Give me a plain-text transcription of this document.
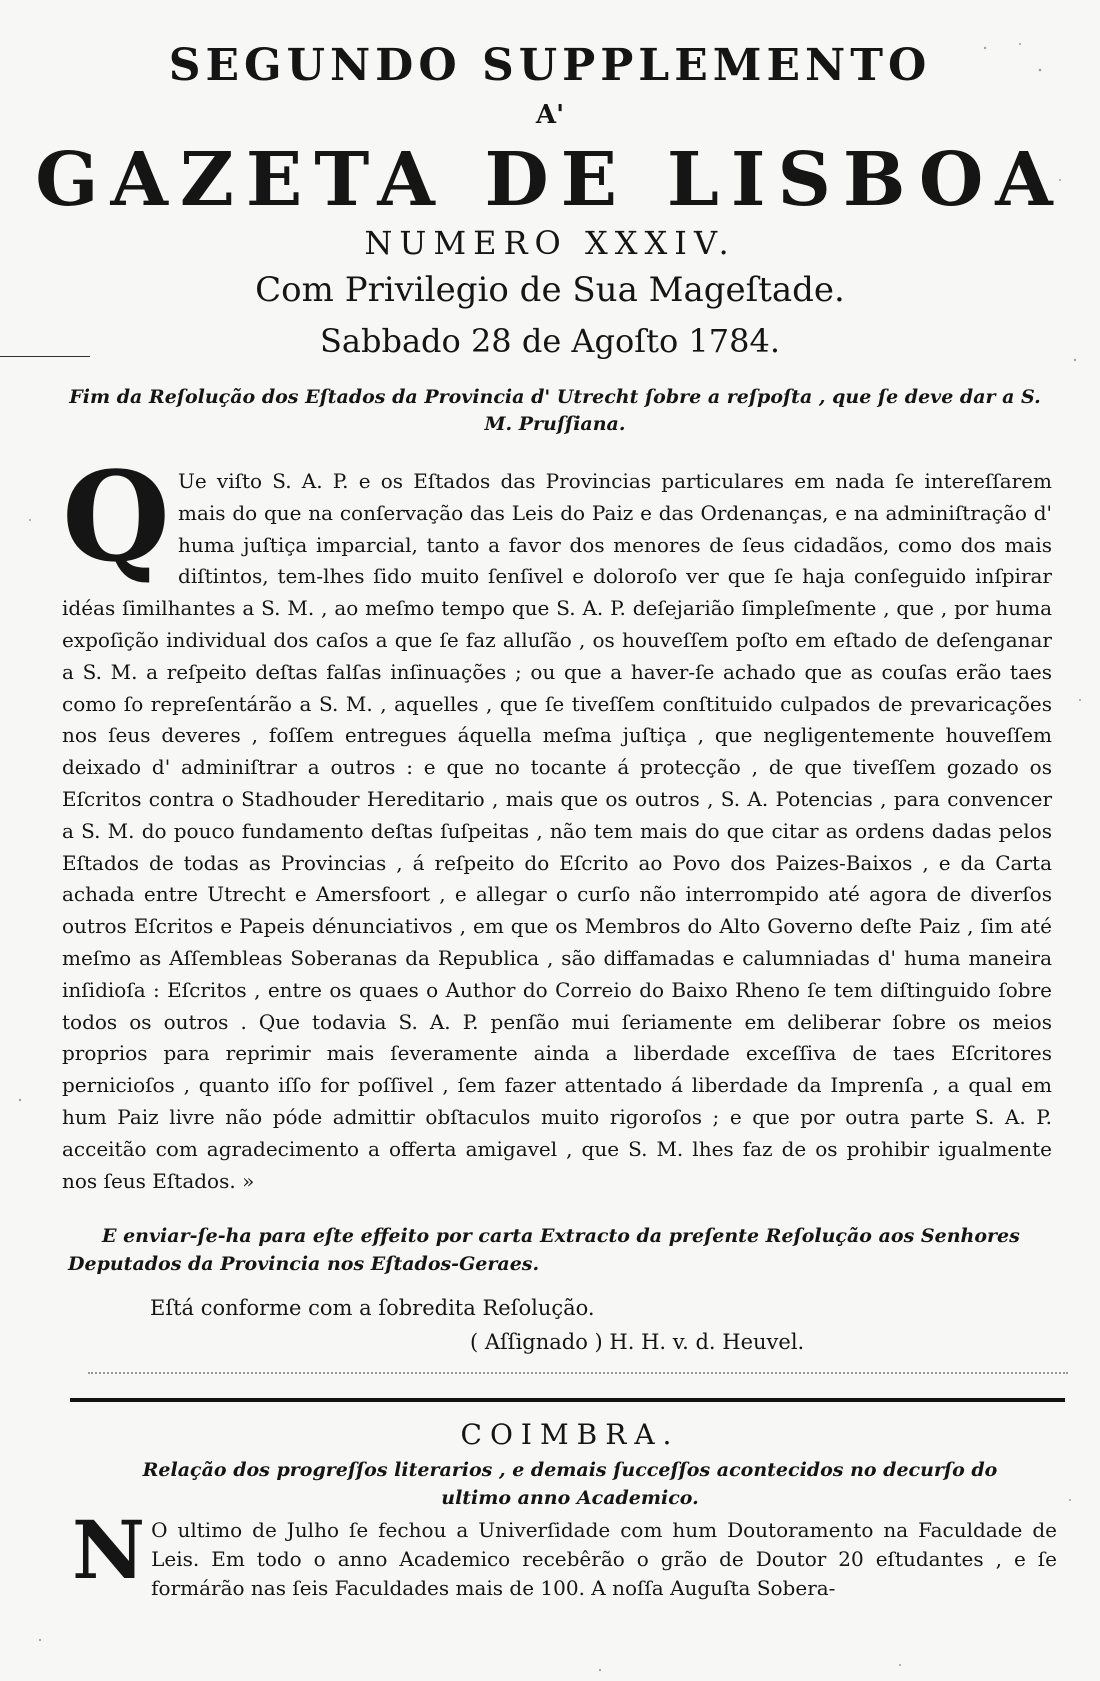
SEGUNDO SUPPLEMENTO
A'
GAZETA DE LISBOA
NUMERO XXXIV.
Com Privilegio de Sua Mageſtade.
Sabbado 28 de Agoſto 1784.
Fim da Reſolução dos Eſtados da Provincia d' Utrecht ſobre a reſpoſta , que ſe deve dar a S. M. Pruſſiana.
Q Ue viſto S. A. P. e os Eſtados das Provincias particulares em nada ſe intereſſarem mais do que na conſervação das Leis do Paiz e das Ordenanças, e na adminiſtração d' huma juſtiça imparcial, tanto a favor dos menores de ſeus cidadãos, como dos mais diſtintos, tem-lhes ſido muito ſenſivel e doloroſo ver que ſe haja conſeguido inſpirar idéas ſimilhantes a S. M. , ao meſmo tempo que S. A. P. deſejarião ſimpleſmente , que , por huma expoſição individual dos caſos a que ſe faz alluſão , os houveſſem poſto em eſtado de deſenganar a S. M. a reſpeito deſtas falſas inſinuações ; ou que a haver-ſe achado que as couſas erão taes como ſo repreſentárão a S. M. , aquelles , que ſe tiveſſem conſtituido culpados de prevaricações nos ſeus deveres , foſſem entregues áquella meſma juſtiça , que negligentemente houveſſem deixado d' adminiſtrar a outros : e que no tocante á protecção , de que tiveſſem gozado os Eſcritos contra o Stadhouder Hereditario , mais que os outros , S. A. Potencias , para convencer a S. M. do pouco fundamento deſtas ſuſpeitas , não tem mais do que citar as ordens dadas pelos Eſtados de todas as Provincias , á reſpeito do Eſcrito ao Povo dos Paizes-Baixos , e da Carta achada entre Utrecht e Amersfoort , e allegar o curſo não interrompido até agora de diverſos outros Eſcritos e Papeis dénunciativos , em que os Membros do Alto Governo deſte Paiz , ſim até meſmo as Aſſembleas Soberanas da Republica , são diffamadas e calumniadas d' huma maneira inſidioſa : Eſcritos , entre os quaes o Author do Correio do Baixo Rheno ſe tem diſtinguido ſobre todos os outros . Que todavia S. A. P. penſão mui ſeriamente em deliberar ſobre os meios proprios para reprimir mais ſeveramente ainda a liberdade exceſſiva de taes Eſcritores pernicioſos , quanto iſſo for poſſivel , ſem fazer attentado á liberdade da Imprenſa , a qual em hum Paiz livre não póde admittir obſtaculos muito rigoroſos ; e que por outra parte S. A. P. acceitão com agradecimento a offerta amigavel , que S. M. lhes faz de os prohibir igualmente nos ſeus Eſtados. »
E enviar-ſe-ha para eſte effeito por carta Extracto da preſente Reſolução aos Senhores Deputados da Provincia nos Eſtados-Geraes.
Eſtá conforme com a ſobredita Reſolução.
( Aſſignado ) H. H. v. d. Heuvel.
COIMBRA.
Relação dos progreſſos literarios , e demais ſucceſſos acontecidos no decurſo do ultimo anno Academico.
N O ultimo de Julho ſe fechou a Univerſidade com hum Doutoramento na Faculdade de Leis. Em todo o anno Academico recebêrão o grão de Doutor 20 eſtudantes , e ſe formárão nas ſeis Faculdades mais de 100. A noſſa Auguſta Sobera-
